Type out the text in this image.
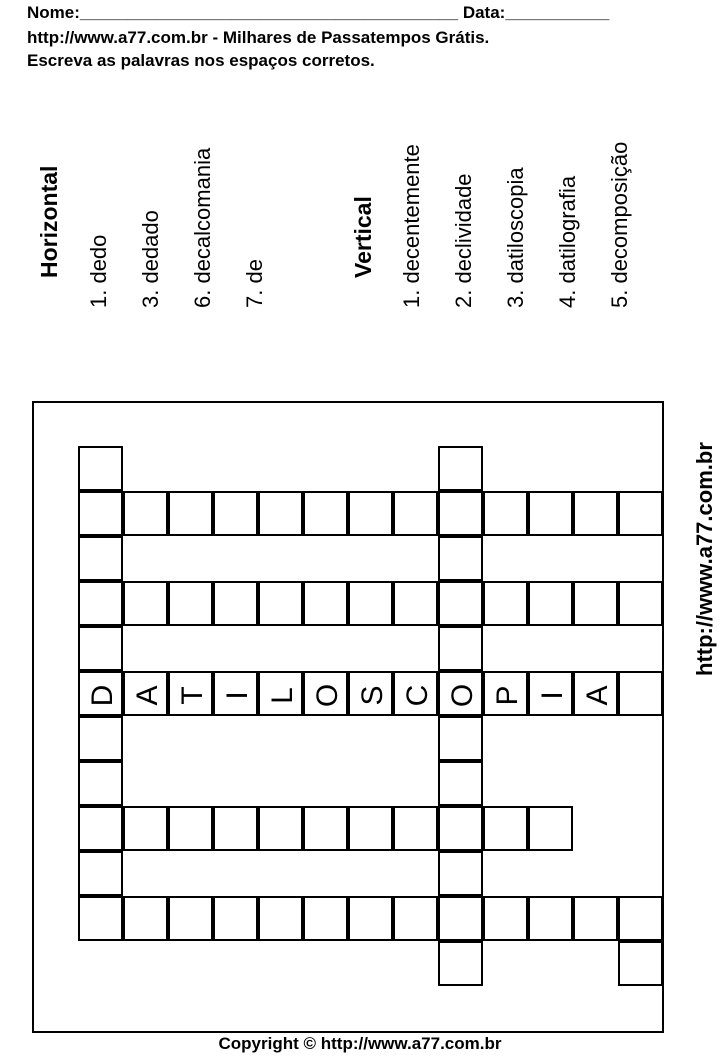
Nome:________________________________________ Data:___________
http://www.a77.com.br - Milhares de Passatempos Grátis.
Escreva as palavras nos espaços corretos.
Horizontal 1. dedo 3. dedado 6. decalcomania 7. de
Vertical 1. decentemente 2. declividade 3. datiloscopia 4. datilografia 5. decomposição
http://www.a77.com.br
D	O
A T I L O S C P I A
Copyright © http://www.a77.com.br
